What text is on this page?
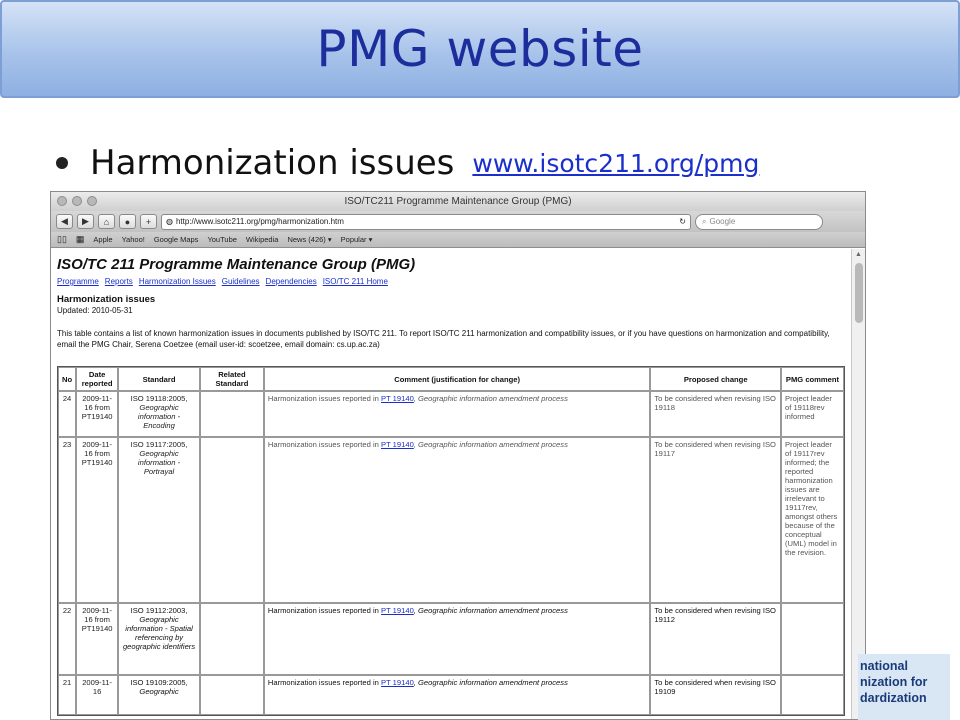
PMG website
Harmonization issues www.isotc211.org/pmg
ISO/TC211 Programme Maintenance Group (PMG)
◀ ▶ ⌂ ● + ◍ http://www.isotc211.org/pmg/harmonization.htm	↻ ⌕ Google
▯▯ ▦ Apple Yahoo! Google Maps YouTube Wikipedia News (426) ▾ Popular ▾
ISO/TC 211 Programme Maintenance Group (PMG)
Programme Reports Harmonization Issues Guidelines Dependencies ISO/TC 211 Home
Harmonization issues
Updated: 2010-05-31
This table contains a list of known harmonization issues in documents published by ISO/TC 211. To report ISO/TC 211 harmonization and compatibility issues, or if you have questions on harmonization and compatibility, email the PMG Chair, Serena Coetzee (email user-id: scoetzee, email domain: cs.up.ac.za)
No	Date reported	Standard	Related Standard	Comment (justification for change)	Proposed change	PMG comment
24	2009-11-16 from PT19140	ISO 19118:2005, Geographic information - Encoding		Harmonization issues reported in PT 19140, Geographic information amendment process	To be considered when revising ISO 19118	Project leader of 19118rev informed
23	2009-11-16 from PT19140	ISO 19117:2005, Geographic information - Portrayal		Harmonization issues reported in PT 19140, Geographic information amendment process	To be considered when revising ISO 19117	Project leader of 19117rev informed; the reported harmonization issues are irrelevant to 19117rev, amongst others because of the conceptual (UML) model in the revision.
22	2009-11-16 from PT19140	ISO 19112:2003, Geographic information - Spatial referencing by geographic identifiers		Harmonization issues reported in PT 19140, Geographic information amendment process	To be considered when revising ISO 19112	
21	2009-11-16	ISO 19109:2005, Geographic		Harmonization issues reported in PT 19140, Geographic information amendment process	To be considered when revising ISO 19109	
▲
national
nization for
dardization
